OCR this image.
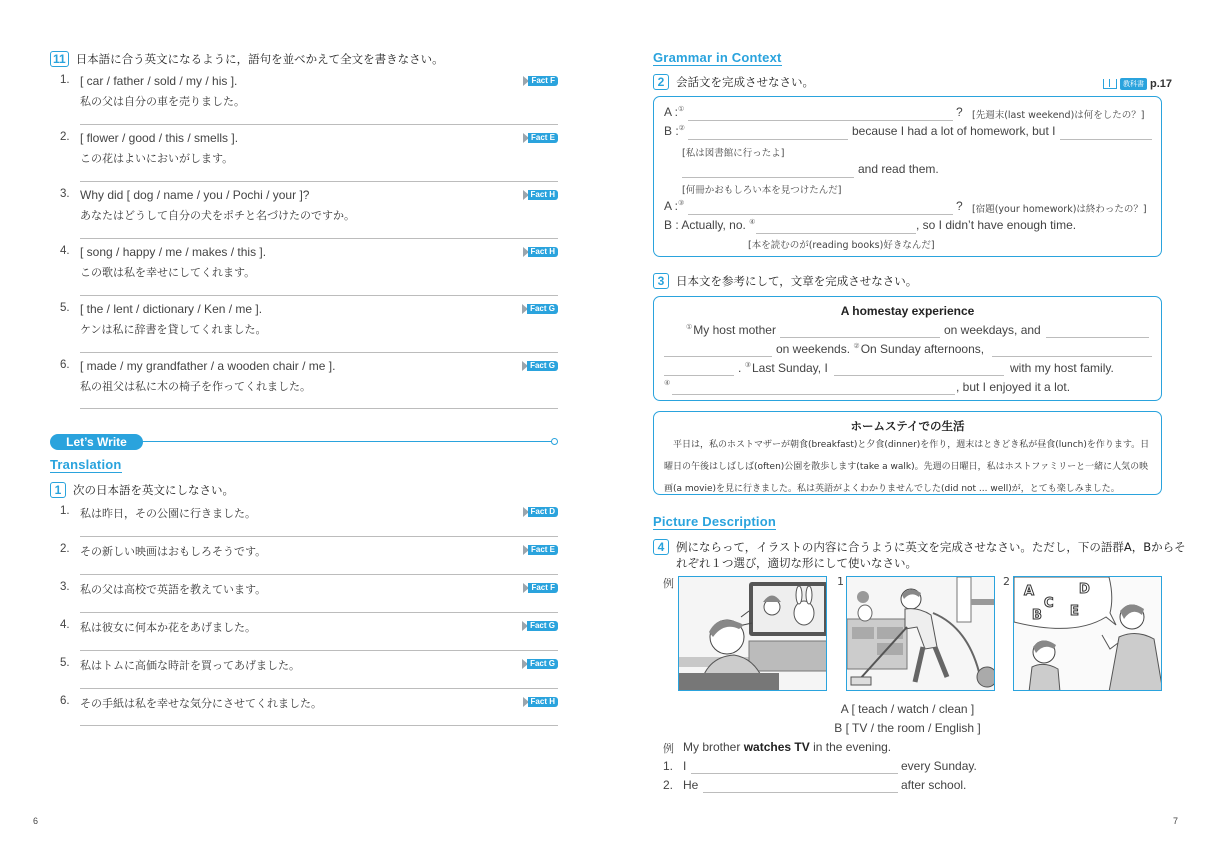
11 日本語に合う英文になるように，語句を並べかえて全文を書きなさい。
1. [ car / father / sold / my / his ].
私の父は自分の車を売りました。
Fact F
2. [ flower / good / this / smells ].
この花はよいにおいがします。
Fact E
3. Why did [ dog / name / you / Pochi / your ]?
あなたはどうして自分の犬をポチと名づけたのですか。
Fact H
4. [ song / happy / me / makes / this ].
この歌は私を幸せにしてくれます。
Fact H
5. [ the / lent / dictionary / Ken / me ].
ケンは私に辞書を貸してくれました。
Fact G
6. [ made / my grandfather / a wooden chair / me ].
私の祖父は私に木の椅子を作ってくれました。
Fact G
Let’s Write
Translation
1	次の日本語を英文にしなさい。
1. 私は昨日，その公園に行きました。	Fact D
2. その新しい映画はおもしろそうです。	Fact E
3. 私の父は高校で英語を教えています。	Fact F
4. 私は彼女に何本か花をあげました。	Fact G
5. 私はトムに高価な時計を買ってあげました。	Fact G
6. その手紙は私を幸せな気分にさせてくれました。	Fact H
6
Grammar in Context
2	会話文を完成させなさい。	教科書 p.17
A :①	? [先週末(last weekend)は何をしたの？]
B :②	because I had a lot of homework, but I
[私は図書館に行ったよ]
and read them.
[何冊かおもしろい本を見つけたんだ]
A :③	? [宿題(your homework)は終わったの？]
B : Actually, no. ④	, so I didn’t have enough time.
[本を読むのが(reading books)好きなんだ]
3	日本文を参考にして，文章を完成させなさい。
A homestay experience
①My host mother	on weekdays, and
on weekends. ②On Sunday afternoons,
. ③Last Sunday, I	with my host family.
④	, but I enjoyed it a lot.
ホームステイでの生活
平日は，私のホストマザーが朝食(breakfast)と夕食(dinner)を作り，週末はときどき私が昼食(lunch)を作ります。日曜日の午後はしばしば(often)公園を散歩します(take a walk)。先週の日曜日，私はホストファミリーと一緒に人気の映画(a movie)を見に行きました。私は英語がよくわかりませんでした(did not ... well)が，とても楽しみました。
Picture Description
4	例にならって，イラストの内容に合うように英文を完成させなさい。ただし，下の語群A，Bからそ
れぞれ１つ選び，適切な形にして使いなさい。
例	1	2
A
C
D
B E
A [ teach / watch / clean ]
B [ TV / the room / English ]
例 My brother watches TV in the evening.
1. I	every Sunday.
2. He	after school.
7
